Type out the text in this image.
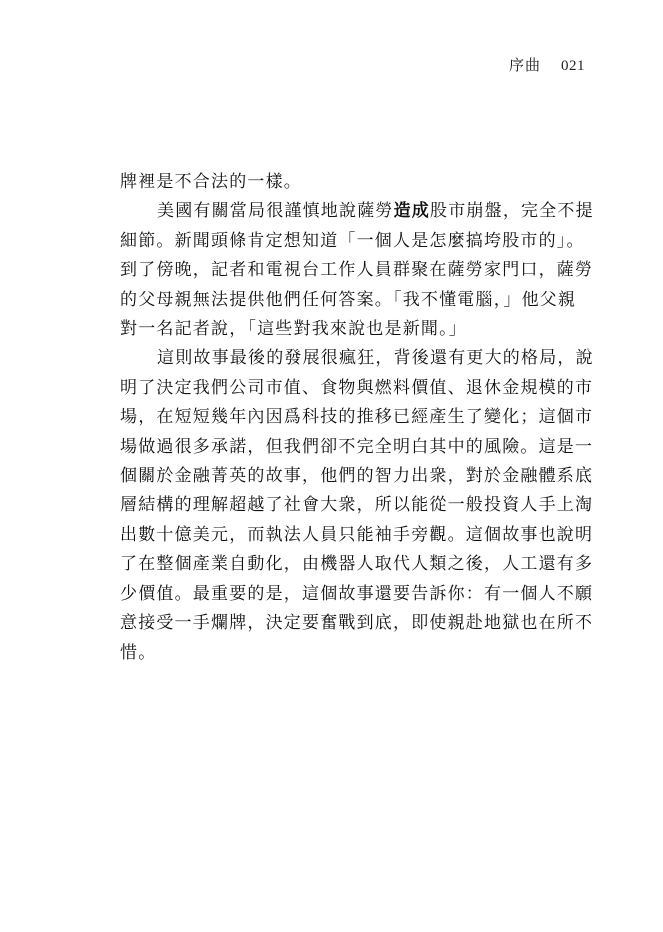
序曲 021

牌裡是不合法的一樣。

美國有關當局很謹慎地說薩勞造成股市崩盤，完全不提
細節。新聞頭條肯定想知道「一個人是怎麼搞垮股市的」。
到了傍晚，記者和電視台工作人員群聚在薩勞家門口，薩勞
的父母親無法提供他們任何答案。「我不懂電腦，」他父親
對一名記者說，「這些對我來說也是新聞。」

這則故事最後的發展很瘋狂，背後還有更大的格局，說
明了決定我們公司市值、食物與燃料價值、退休金規模的市
場，在短短幾年內因爲科技的推移已經產生了變化；這個市
場做過很多承諾，但我們卻不完全明白其中的風險。這是一
個關於金融菁英的故事，他們的智力出衆，對於金融體系底
層結構的理解超越了社會大衆，所以能從一般投資人手上淘
出數十億美元，而執法人員只能袖手旁觀。這個故事也說明
了在整個產業自動化，由機器人取代人類之後，人工還有多
少價值。最重要的是，這個故事還要告訴你：有一個人不願
意接受一手爛牌，決定要奮戰到底，即使親赴地獄也在所不
惜。
